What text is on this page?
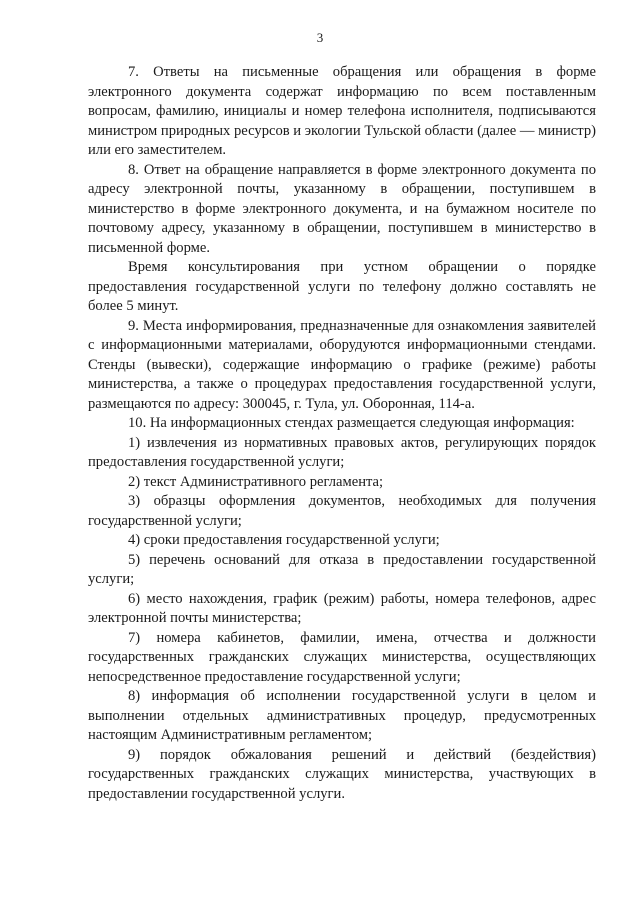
3

7. Ответы на письменные обращения или обращения в форме электронного документа содержат информацию по всем поставленным вопросам, фамилию, инициалы и номер телефона исполнителя, подписываются министром природных ресурсов и экологии Тульской области (далее — министр) или его заместителем.

8. Ответ на обращение направляется в форме электронного документа по адресу электронной почты, указанному в обращении, поступившем в министерство в форме электронного документа, и на бумажном носителе по почтовому адресу, указанному в обращении, поступившем в министерство в письменной форме.

Время консультирования при устном обращении о порядке предоставления государственной услуги по телефону должно составлять не более 5 минут.

9. Места информирования, предназначенные для ознакомления заявителей с информационными материалами, оборудуются информационными стендами. Стенды (вывески), содержащие информацию о графике (режиме) работы министерства, а также о процедурах предоставления государственной услуги, размещаются по адресу: 300045, г. Тула, ул. Оборонная, 114-а.

10. На информационных стендах размещается следующая информация:

1) извлечения из нормативных правовых актов, регулирующих порядок предоставления государственной услуги;

2) текст Административного регламента;

3) образцы оформления документов, необходимых для получения государственной услуги;

4) сроки предоставления государственной услуги;

5) перечень оснований для отказа в предоставлении государственной услуги;

6) место нахождения, график (режим) работы, номера телефонов, адрес электронной почты министерства;

7) номера кабинетов, фамилии, имена, отчества и должности государственных гражданских служащих министерства, осуществляющих непосредственное предоставление государственной услуги;

8) информация об исполнении государственной услуги в целом и выполнении отдельных административных процедур, предусмотренных настоящим Административным регламентом;

9) порядок обжалования решений и действий (бездействия) государственных гражданских служащих министерства, участвующих в предоставлении государственной услуги.
